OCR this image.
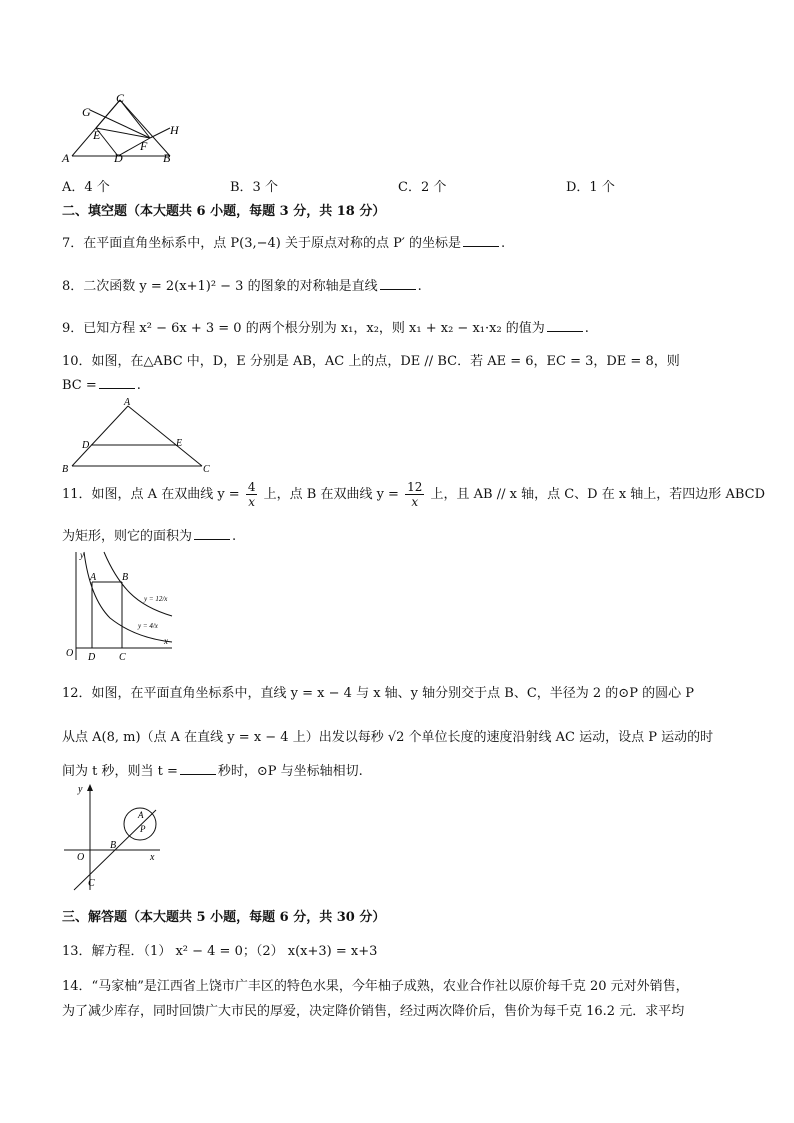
G
C
E	H
F
A	D	B
A．4 个	B．3 个	C．2 个	D．1 个
二、填空题（本大题共 6 小题，每题 3 分，共 18 分）
7．在平面直角坐标系中，点 P(3,−4) 关于原点对称的点 P′ 的坐标是	.
8．二次函数 y = 2(x+1)² − 3 的图象的对称轴是直线	.
9．已知方程 x² − 6x + 3 = 0 的两个根分别为 x₁，x₂，则 x₁ + x₂ − x₁·x₂ 的值为	.
10．如图，在△ABC 中，D，E 分别是 AB，AC 上的点，DE // BC．若 AE = 6，EC = 3，DE = 8，则
BC =	.
A
D	E
B	C
11．如图，点 A 在双曲线 $y = \frac{4}{x}$ 上，点 B 在双曲线 $y = \frac{12}{x}$ 上，且 AB // x 轴，点 C、D 在 x 轴上，若四边形 ABCD
为矩形，则它的面积为	.
y
A	B
y = 12/x
y = 4/x
x
O D C
12．如图，在平面直角坐标系中，直线 y = x − 4 与 x 轴、y 轴分别交于点 B、C，半径为 2 的⊙P 的圆心 P
从点 A(8, m)（点 A 在直线 y = x − 4 上）出发以每秒 √2 个单位长度的速度沿射线 AC 运动，设点 P 运动的时
间为 t 秒，则当 t =	秒时，⊙P 与坐标轴相切.
y
A
P
B
O	x
C
三、解答题（本大题共 5 小题，每题 6 分，共 30 分）
13．解方程．（1） x² − 4 = 0；（2） x(x+3) = x+3
14．“马家柚”是江西省上饶市广丰区的特色水果，今年柚子成熟，农业合作社以原价每千克 20 元对外销售，
为了减少库存，同时回馈广大市民的厚爱，决定降价销售，经过两次降价后，售价为每千克 16.2 元．求平均
